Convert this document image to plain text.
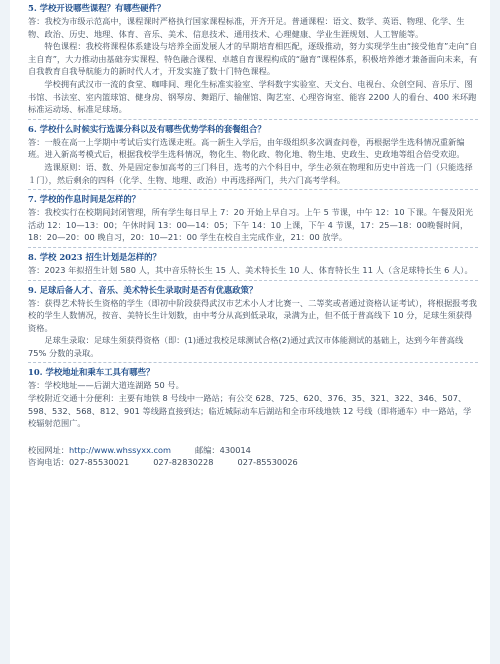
5. 学校开设哪些课程？有哪些硬件？

答：我校为市级示范高中，课程课时严格执行国家课程标准，开齐开足。普通课程：语文、数学、英语、物理、化学、生物、政治、历史、地理、体育、音乐、美术、信息技术、通用技术、心理健康、学业生涯规划、人工智能等。

特色课程：我校将课程体系建设与培养全面发展人才的早期培育相匹配，逐级推动，努力实现学生由“接受他育”走向“自主自育”，大力推动由基础夯实课程、特色融合课程、卓越自育课程构成的“融育”课程体系，积极培养德才兼备面向未来，有自我教育自我导航能力的新时代人才，开发实施了数十门特色课程。

学校拥有武汉市一流的食堂、咖啡间、理化生标准实验室、学科数字实验室、天文台、电视台、众创空间、音乐厅、图书馆、书法室、室内篮球馆、健身房、钢琴房、舞蹈厅、输催馆、陶艺室、心理咨询室、能容 2200 人的看台、400 米环跑标准运动场、标准足球场。

6. 学校什么时候实行选课分科以及有哪些优势学科的套餐组合？

答：一般在高一上学期中考试后实行选课走班。高一新生入学后，由年级组织多次调查问卷，再根据学生选科情况重新编班。进入新高考模式后，根据我校学生选科情况，物化生、物化政、物化地、物生地、史政生、史政地等组合倍受欢迎。

选课原则：语、数、外是固定参加高考的三门科目，选考的六个科目中，学生必须在物理和历史中首选一门（只能选择１门），然后剩余的四科（化学、生物、地理、政治）中再选择两门，共六门高考学科。

7. 学校的作息时间是怎样的？

答：我校实行在校期间封闭管理，所有学生每日早上 7：20 开始上早自习。上午 5 节课，中午 12：10 下课。午餐及阳光活动 12：10—13：00；午休时间 13：00—14：05；下午 14：10 上课，下午 4 节课，17：25—18：00晚餐时间，18：20—20：00 晚自习，20：10—21：00 学生在校自主完成作业，21：00 放学。

8. 学校 2023 招生计划是怎样的？

答：2023 年拟招生计划 580 人，其中音乐特长生 15 人、美术特长生 10 人、体育特长生 11 人（含足球特长生 6 人）。

9. 足球后备人才、音乐、美术特长生录取时是否有优惠政策？

答：获得艺术特长生资格的学生（即初中阶段获得武汉市艺术小人才比赛一、二等奖或者通过资格认证考试），将根据报考我校的学生人数情况，按音、美特长生计划数，由中考分从高到低录取，录满为止，但不低于普高线下 10 分，足球生须获得资格。

足球生录取：足球生须获得资格（即：(1)通过我校足球测试合格(2)通过武汉市体能测试的基础上，达到今年普高线 75% 分数的录取。

10. 学校地址和乘车工具有哪些？

答：学校地址——后湖大道连湖路 50 号。

学校附近交通十分便利：主要有地铁 8 号线中一路站；有公交 628、725、620、376、35、321、322、346、507、598、532、568、812、901 等线路直接到达；临近城际动车后湖站和全市环线地铁 12 号线（即将通车）中一路站，学校辐射范围广。

校园网址： http://www.whssyxx.com	邮编： 430014
咨询电话： 027-85530021	027-82830228	027-85530026
